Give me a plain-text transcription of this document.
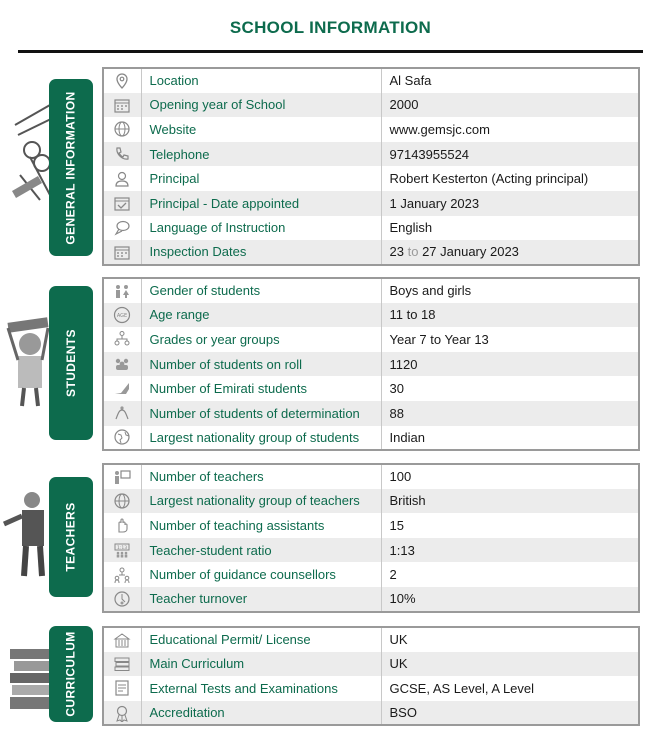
SCHOOL INFORMATION
GENERAL INFORMATION
	Location	Al Safa
	Opening year of School	2000
	Website	www.gemsjc.com
	Telephone	97143955524
	Principal	Robert Kesterton (Acting principal)
	Principal - Date appointed	1 January 2023
	Language of Instruction	English
	Inspection Dates	23 to 27 January 2023
STUDENTS
	Gender of students	Boys and girls

AGE	Age range	11 to 18
	Grades or year groups	Year 7 to Year 13
	Number of students on roll	1120
	Number of Emirati students	30
	Number of students of determination	88
	Largest nationality group of students	Indian
TEACHERS
	Number of teachers	100
	Largest nationality group of teachers	British
	Number of teaching assistants	15

1:13	Teacher-student ratio	1:13
	Number of guidance counsellors	2
	Teacher turnover	10%
CURRICULUM
		Educational Permit/ License	UK
	Main Curriculum	UK
	External Tests and Examinations	GCSE, AS Level, A Level
	Accreditation	BSO
